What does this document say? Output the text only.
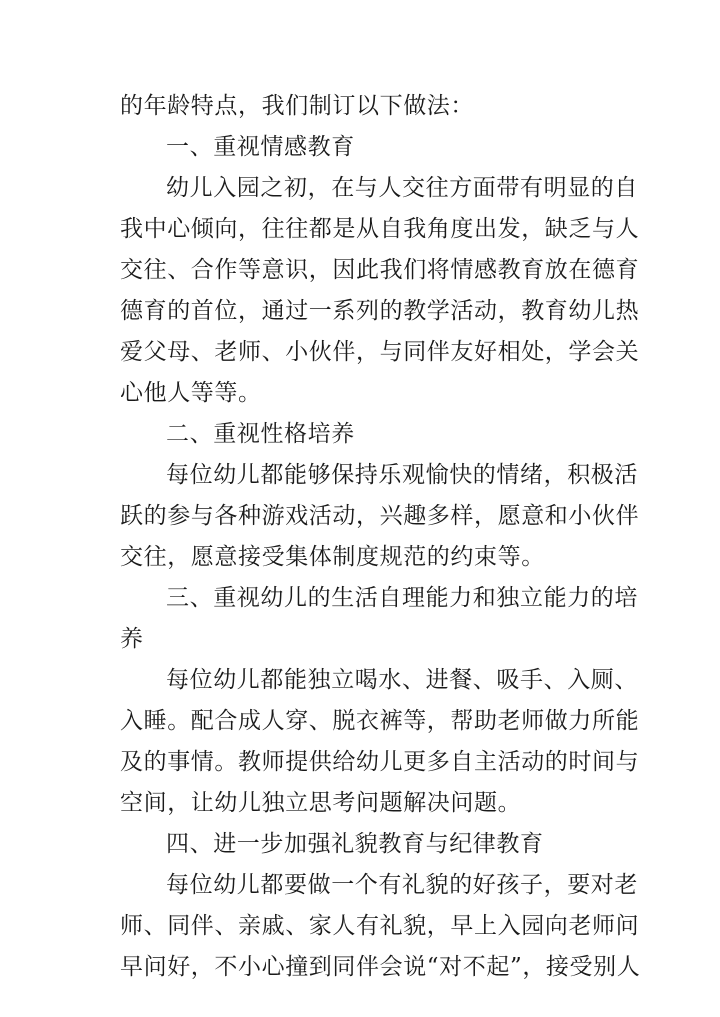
的年龄特点，我们制订以下做法：
一、重视情感教育
幼儿入园之初，在与人交往方面带有明显的自
我中心倾向，往往都是从自我角度出发，缺乏与人
交往、合作等意识，因此我们将情感教育放在德育
德育的首位，通过一系列的教学活动，教育幼儿热
爱父母、老师、小伙伴，与同伴友好相处，学会关
心他人等等。
二、重视性格培养
每位幼儿都能够保持乐观愉快的情绪，积极活
跃的参与各种游戏活动，兴趣多样，愿意和小伙伴
交往，愿意接受集体制度规范的约束等。
三、重视幼儿的生活自理能力和独立能力的培
养
每位幼儿都能独立喝水、进餐、吸手、入厕、
入睡。配合成人穿、脱衣裤等，帮助老师做力所能
及的事情。教师提供给幼儿更多自主活动的时间与
空间，让幼儿独立思考问题解决问题。
四、进一步加强礼貌教育与纪律教育
每位幼儿都要做一个有礼貌的好孩子，要对老
师、同伴、亲戚、家人有礼貌，早上入园向老师问
早问好，不小心撞到同伴会说“对不起”，接受别人
